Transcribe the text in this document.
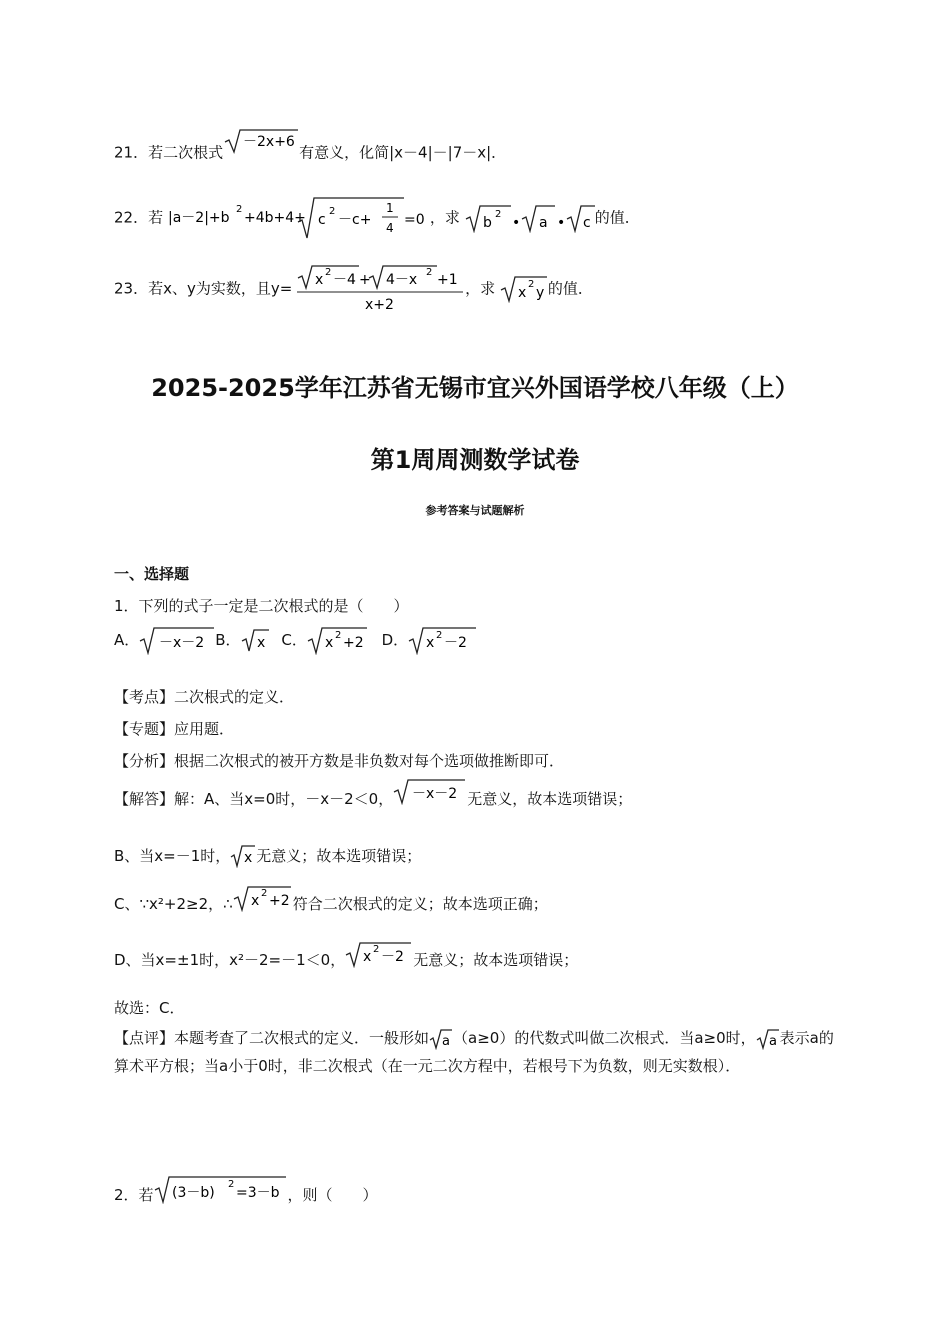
21．若二次根式
－2x+6
有意义，化简|x－4|－|7－x|．
22．若 |a－2|+b
2
+4b+4+ c
2
－c+
1
4 =0 ，求 b
2
• a • c 的值．
23．若x、y为实数，且y= x 2 －4 + 4－x 2 +1
x+2
，求 x
2
y 的值．
2025-2025学年江苏省无锡市宜兴外国语学校八年级（上）
第1周周测数学试卷
参考答案与试题解析
一、选择题
1．下列的式子一定是二次根式的是（　　）
A． －x－2 B． x C． x 2 +2 D． x 2 －2
【考点】二次根式的定义．
【专题】应用题．
【分析】根据二次根式的被开方数是非负数对每个选项做推断即可．
【解答】解：A、当x=0时，－x－2＜0， －x－2 无意义，故本选项错误；
B、当x=－1时， x 无意义；故本选项错误；
C、∵x²+2≥2，∴ x 2 +2 符合二次根式的定义；故本选项正确；
D、当x=±1时，x²－2=－1＜0， x 2 －2 无意义；故本选项错误；
故选：C．
【点评】本题考查了二次根式的定义．一般形如 a （a≥0）的代数式叫做二次根式．当a≥0时， a 表示a的算术平方根；当a小于0时，非二次根式（在一元二次方程中，若根号下为负数，则无实数根）．
2．若 (3－b)
2
=3－b ，则（　　）
